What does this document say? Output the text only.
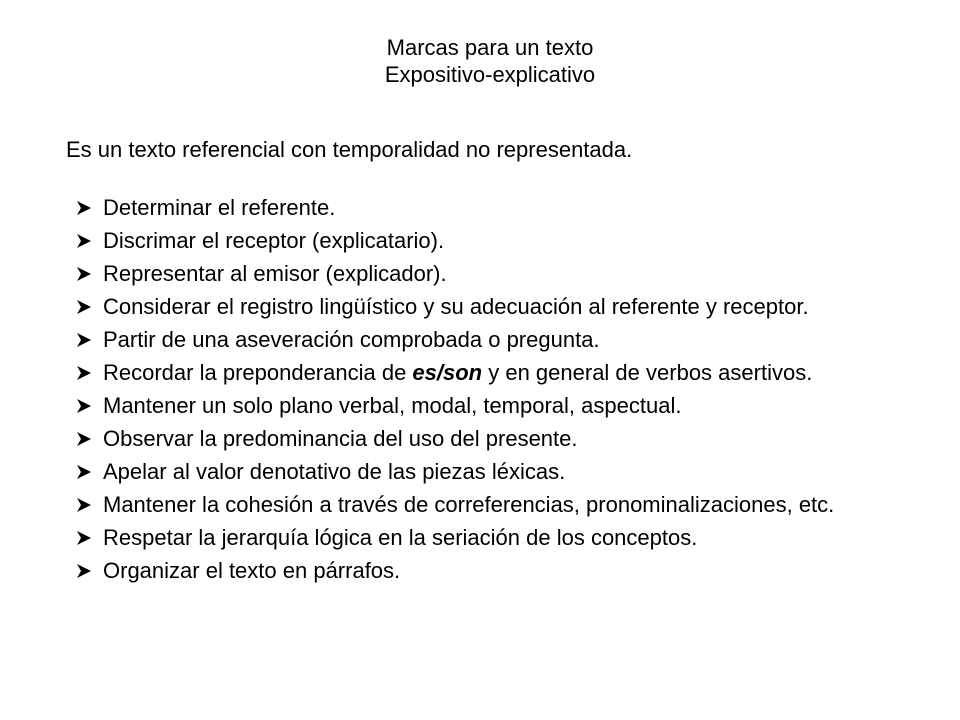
Marcas para un texto
Expositivo-explicativo
Es un texto referencial con temporalidad no representada.
Determinar el referente.
Discrimar el receptor (explicatario).
Representar al emisor (explicador).
Considerar el registro lingüístico y su adecuación al referente y receptor.
Partir de una aseveración comprobada o pregunta.
Recordar la preponderancia de es/son y en general de verbos asertivos.
Mantener un solo plano verbal, modal, temporal, aspectual.
Observar la predominancia del uso del presente.
Apelar al valor denotativo de las piezas léxicas.
Mantener la cohesión a través de correferencias, pronominalizaciones, etc.
Respetar la jerarquía lógica en la seriación de los conceptos.
Organizar el texto en párrafos.
